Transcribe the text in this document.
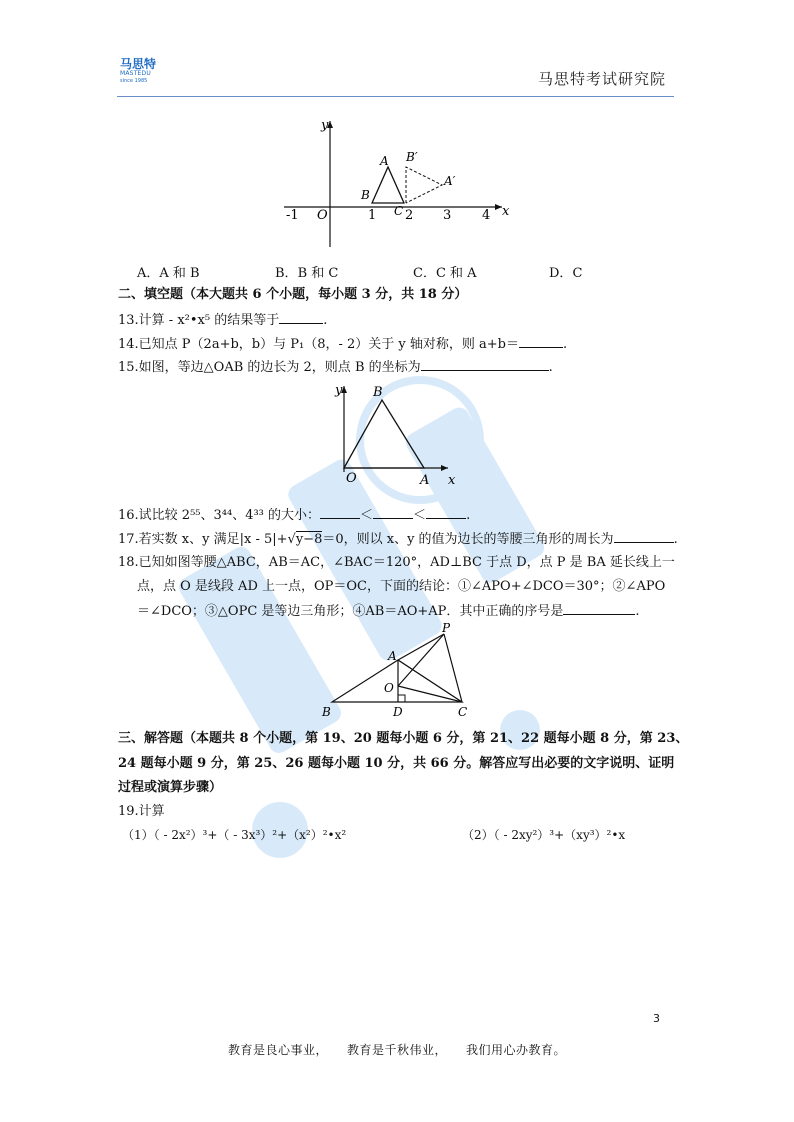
马思特
MASTEDU
since 1985	马思特考试研究院
x
y
O
-1	1 2 3 4
A
B
C
B′
A′
A．A 和 B	B．B 和 C	C．C 和 A	D．C
二、填空题（本大题共 6 个小题，每小题 3 分，共 18 分）
13.计算 - x²•x⁵ 的结果等于	.
14.已知点 P（2a+b，b）与 P₁（8，- 2）关于 y 轴对称，则 a+b＝	.
15.如图，等边△OAB 的边长为 2，则点 B 的坐标为	.
y B
O	A x
16.试比较 2⁵⁵、3⁴⁴、4³³ 的大小：	＜	＜	.
17.若实数 x、y 满足|x - 5|+√y−8＝0，则以 x、y 的值为边长的等腰三角形的周长为	.
18.已知如图等腰△ABC，AB＝AC，∠BAC＝120°，AD⊥BC 于点 D，点 P 是 BA 延长线上一
点，点 O 是线段 AD 上一点，OP＝OC，下面的结论：①∠APO+∠DCO＝30°；②∠APO
＝∠DCO；③△OPC 是等边三角形；④AB＝AO+AP．其中正确的序号是	.
P
A
O
B	D	C
三、解答题（本题共 8 个小题，第 19、20 题每小题 6 分，第 21、22 题每小题 8 分，第 23、
24 题每小题 9 分，第 25、26 题每小题 10 分，共 66 分。解答应写出必要的文字说明、证明
过程或演算步骤）
19.计算
（1）（ - 2x²）³+（ - 3x³）²+（x²）²•x²	（2）（ - 2xy²）³+（xy³）²•x
3
教育是良心事业，　　教育是千秋伟业，　　我们用心办教育。
